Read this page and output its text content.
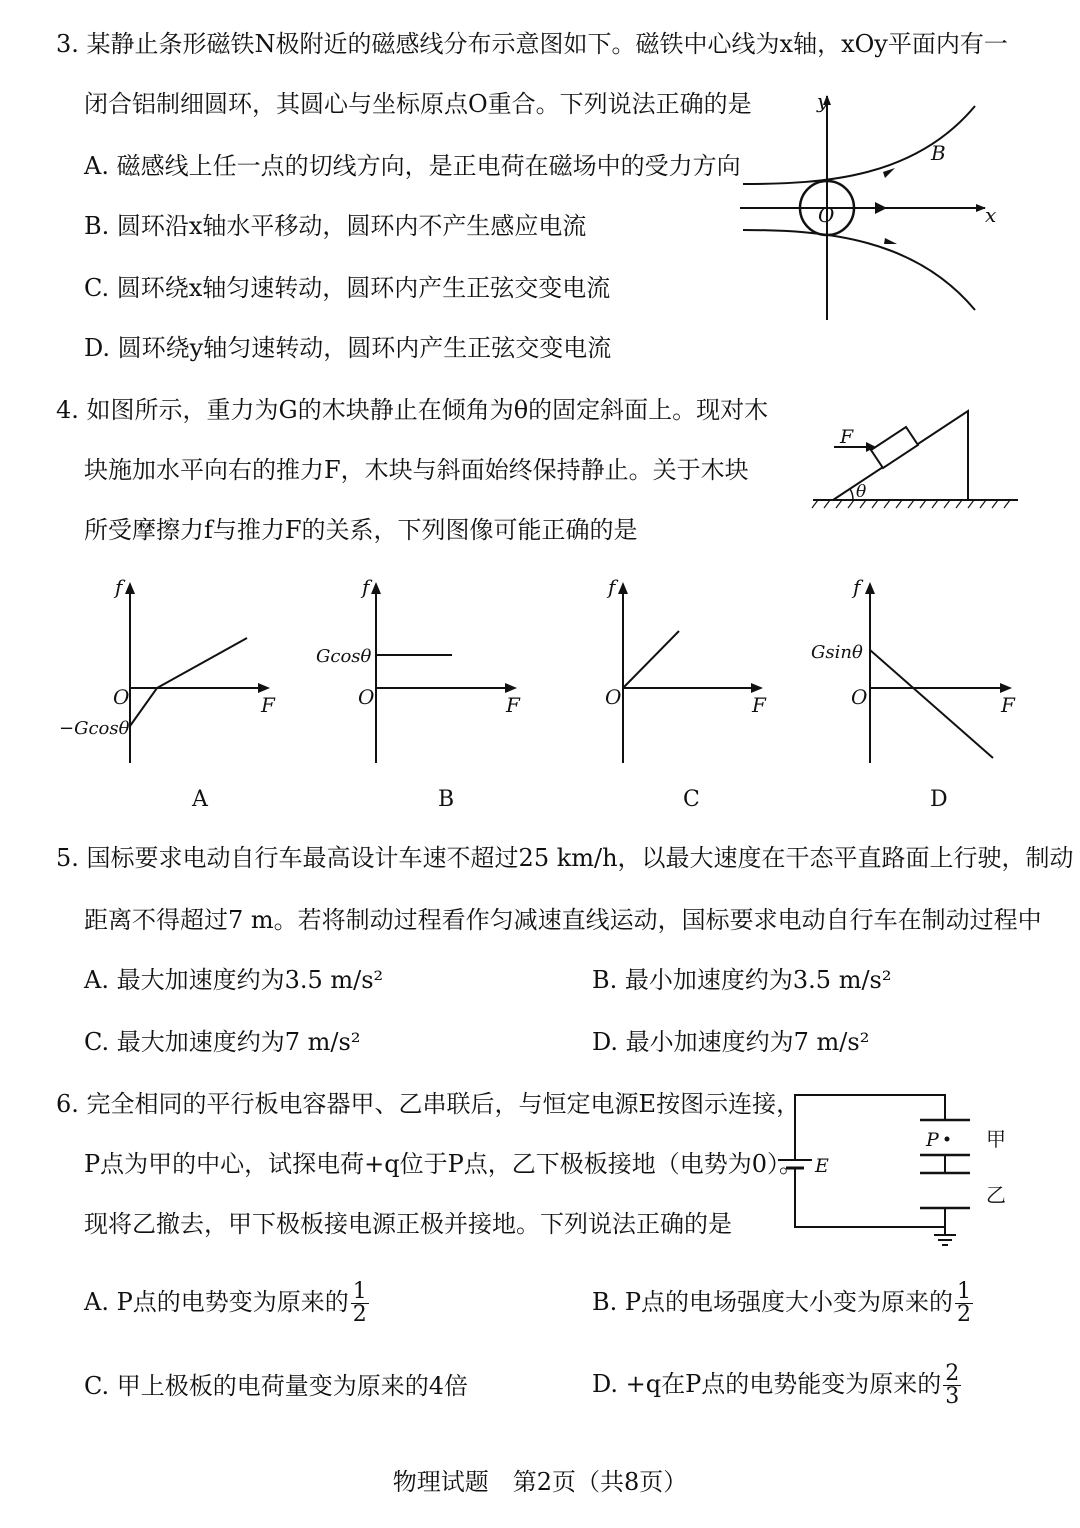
3. 某静止条形磁铁N极附近的磁感线分布示意图如下。磁铁中心线为x轴，xOy平面内有一
闭合铝制细圆环，其圆心与坐标原点O重合。下列说法正确的是
A. 磁感线上任一点的切线方向，是正电荷在磁场中的受力方向
B. 圆环沿x轴水平移动，圆环内不产生感应电流
C. 圆环绕x轴匀速转动，圆环内产生正弦交变电流
D. 圆环绕y轴匀速转动，圆环内产生正弦交变电流
y
x
O
B
4. 如图所示，重力为G的木块静止在倾角为θ的固定斜面上。现对木
块施加水平向右的推力F，木块与斜面始终保持静止。关于木块
所受摩擦力f与推力F的关系，下列图像可能正确的是
F
θ
f
F
O
−Gcosθ
A
f
F
O
Gcosθ
B
f
F
O
C
f
F
O
Gsinθ
D
5. 国标要求电动自行车最高设计车速不超过25 km/h，以最大速度在干态平直路面上行驶，制动
距离不得超过7 m。若将制动过程看作匀减速直线运动，国标要求电动自行车在制动过程中
A. 最大加速度约为3.5 m/s²	B. 最小加速度约为3.5 m/s²
C. 最大加速度约为7 m/s²	D. 最小加速度约为7 m/s²
6. 完全相同的平行板电容器甲、乙串联后，与恒定电源E按图示连接，
P点为甲的中心，试探电荷+q位于P点，乙下极板接地（电势为0）。
现将乙撤去，甲下极板接电源正极并接地。下列说法正确的是
E
P 甲
乙
A. P点的电势变为原来的 $\frac{1}{2}$	B. P点的电场强度大小变为原来的 $\frac{1}{2}$
C. 甲上极板的电荷量变为原来的4倍	D. +q在P点的电势能变为原来的 $\frac{2}{3}$
物理试题　第2页（共8页）
